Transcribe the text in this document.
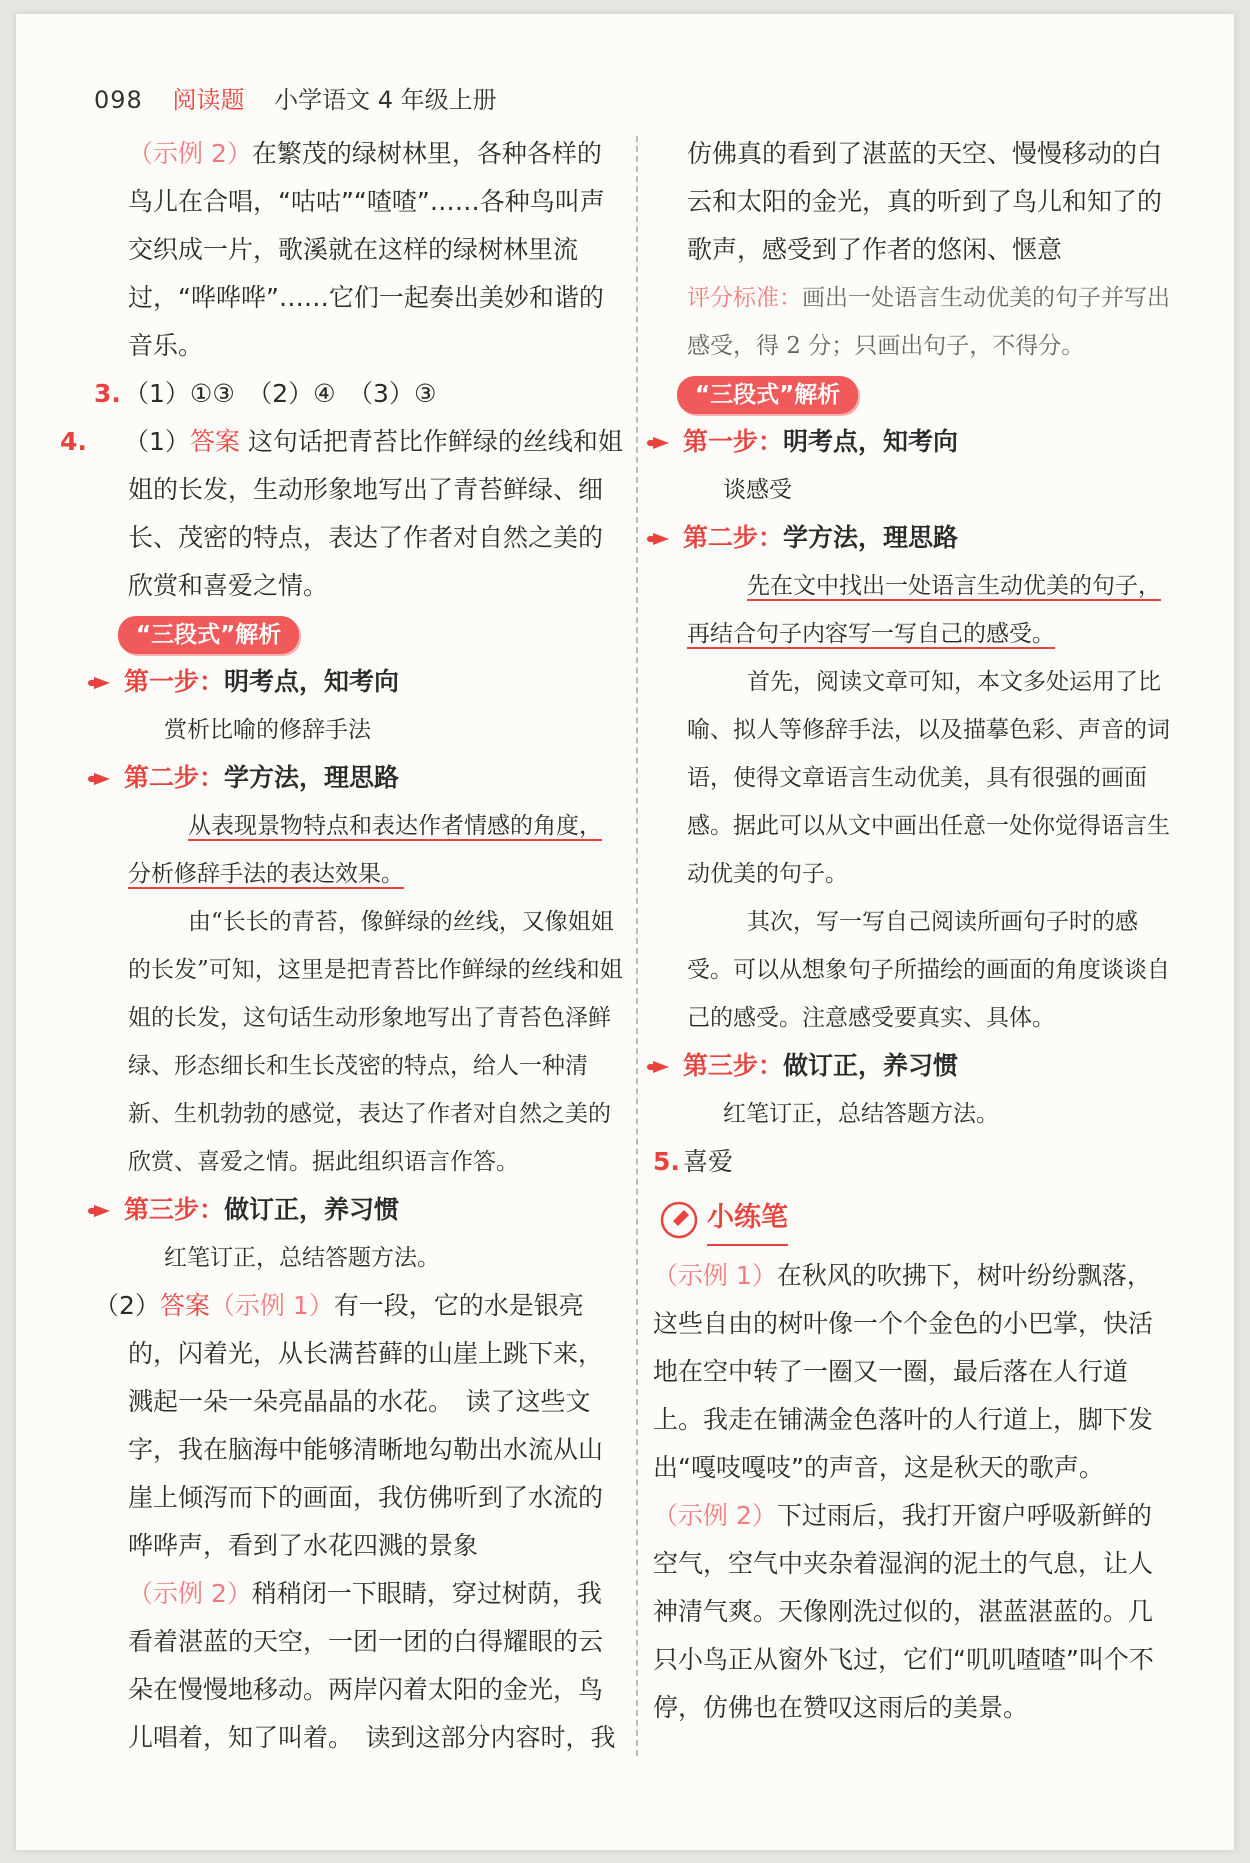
098 阅读题 小学语文 4 年级上册

（示例 2）在繁茂的绿树林里，各种各样的鸟儿在合唱，“咕咕”“喳喳”……各种鸟叫声交织成一片，歌溪就在这样的绿树林里流过，“哗哗哗”……它们一起奏出美妙和谐的音乐。

3. （1）①③　（2）④　（3）③

4. （1）答案 这句话把青苔比作鲜绿的丝线和姐姐的长发，生动形象地写出了青苔鲜绿、细长、茂密的特点，表达了作者对自然之美的欣赏和喜爱之情。

“三段式”解析

第一步：明考点，知考向

赏析比喻的修辞手法

第二步：学方法，理思路

从表现景物特点和表达作者情感的角度，分析修辞手法的表达效果。

由“长长的青苔，像鲜绿的丝线，又像姐姐的长发”可知，这里是把青苔比作鲜绿的丝线和姐姐的长发，这句话生动形象地写出了青苔色泽鲜绿、形态细长和生长茂密的特点，给人一种清新、生机勃勃的感觉，表达了作者对自然之美的欣赏、喜爱之情。据此组织语言作答。

第三步：做订正，养习惯

红笔订正，总结答题方法。

（2）答案（示例 1）有一段，它的水是银亮的，闪着光，从长满苔藓的山崖上跳下来，溅起一朵一朵亮晶晶的水花。　读了这些文字，我在脑海中能够清晰地勾勒出水流从山崖上倾泻而下的画面，我仿佛听到了水流的哗哗声，看到了水花四溅的景象

（示例 2）稍稍闭一下眼睛，穿过树荫，我看着湛蓝的天空，一团一团的白得耀眼的云朵在慢慢地移动。两岸闪着太阳的金光，鸟儿唱着，知了叫着。　读到这部分内容时，我

仿佛真的看到了湛蓝的天空、慢慢移动的白云和太阳的金光，真的听到了鸟儿和知了的歌声，感受到了作者的悠闲、惬意

评分标准：画出一处语言生动优美的句子并写出感受，得 2 分；只画出句子，不得分。

“三段式”解析

第一步：明考点，知考向

谈感受

第二步：学方法，理思路

先在文中找出一处语言生动优美的句子，再结合句子内容写一写自己的感受。

首先，阅读文章可知，本文多处运用了比喻、拟人等修辞手法，以及描摹色彩、声音的词语，使得文章语言生动优美，具有很强的画面感。据此可以从文中画出任意一处你觉得语言生动优美的句子。

其次，写一写自己阅读所画句子时的感受。可以从想象句子所描绘的画面的角度谈谈自己的感受。注意感受要真实、具体。

第三步：做订正，养习惯

红笔订正，总结答题方法。

5. 喜爱

小练笔

（示例 1）在秋风的吹拂下，树叶纷纷飘落，这些自由的树叶像一个个金色的小巴掌，快活地在空中转了一圈又一圈，最后落在人行道上。我走在铺满金色落叶的人行道上，脚下发出“嘎吱嘎吱”的声音，这是秋天的歌声。

（示例 2）下过雨后，我打开窗户呼吸新鲜的空气，空气中夹杂着湿润的泥土的气息，让人神清气爽。天像刚洗过似的，湛蓝湛蓝的。几只小鸟正从窗外飞过，它们“叽叽喳喳”叫个不停，仿佛也在赞叹这雨后的美景。
